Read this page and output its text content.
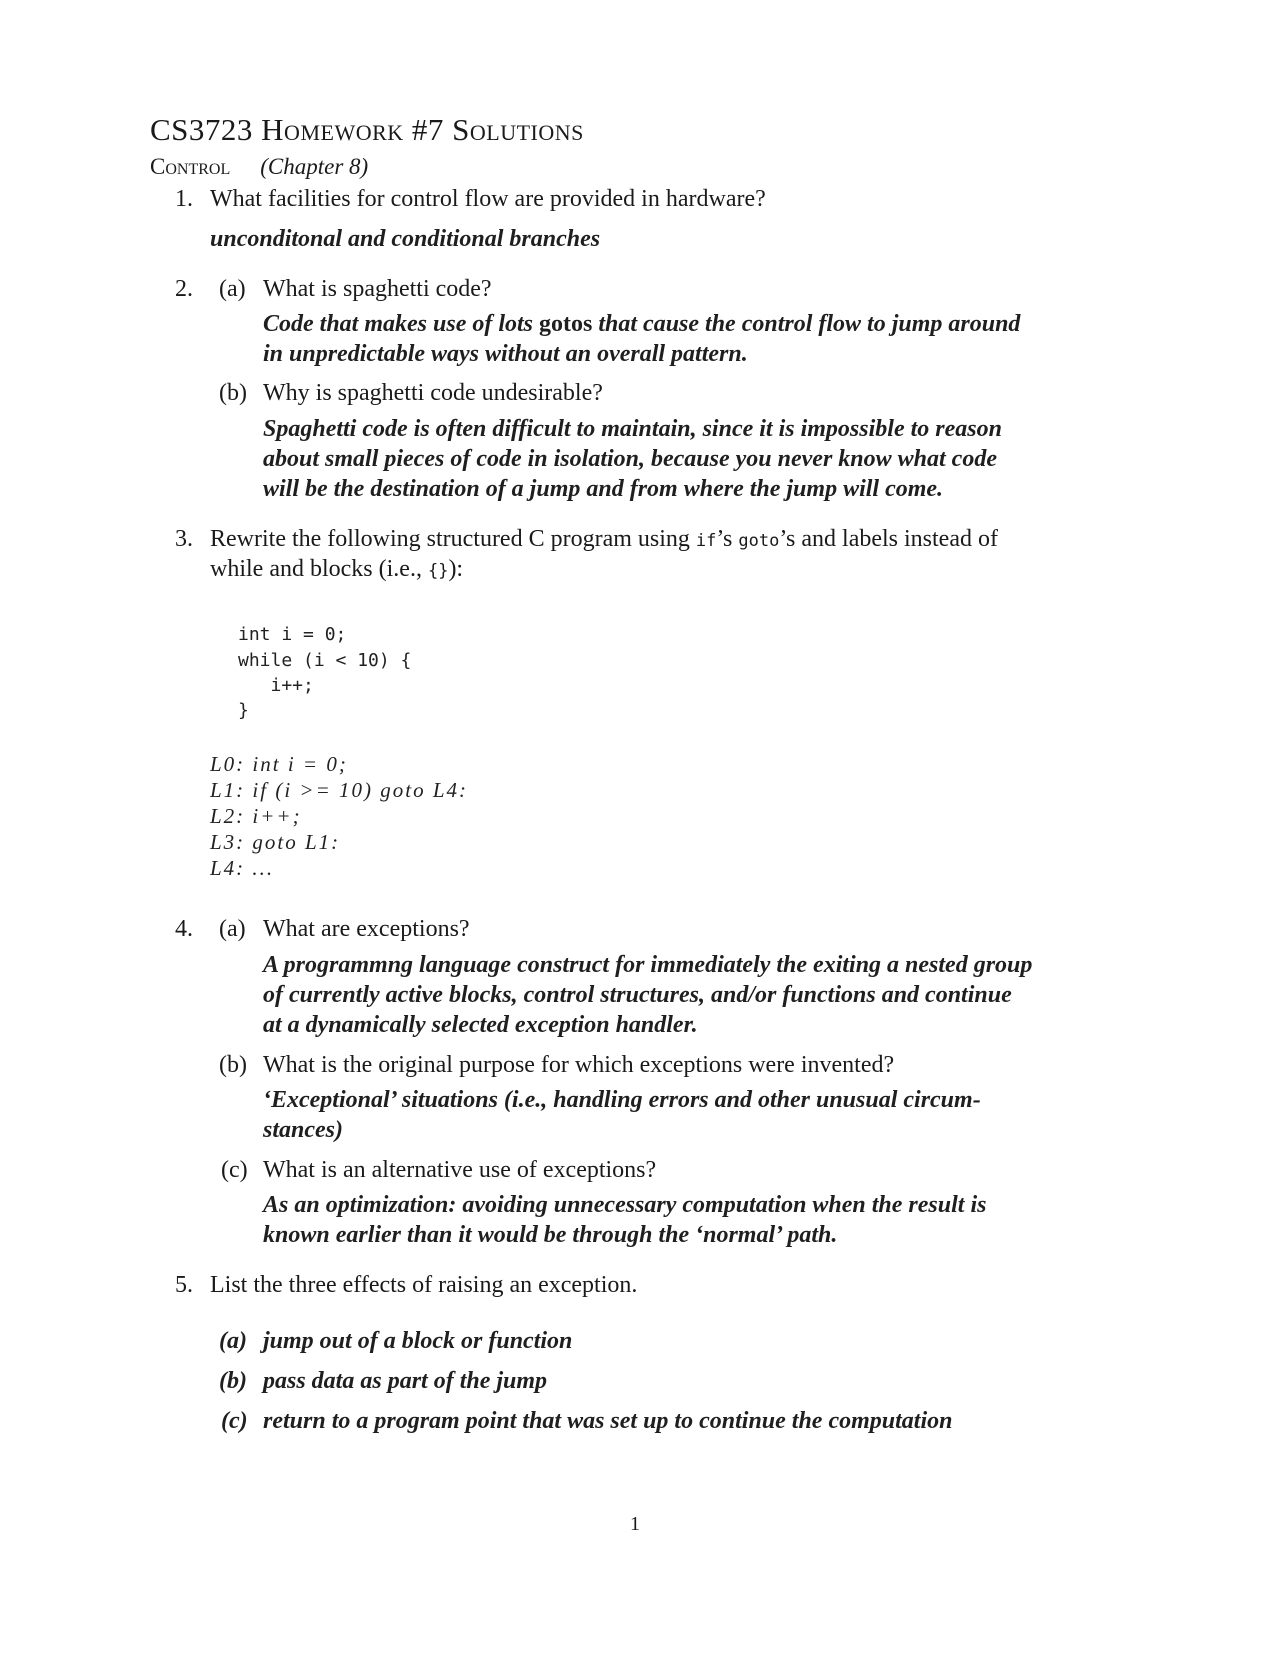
CS3723 Homework #7 Solutions
Control (Chapter 8)
1. What facilities for control flow are provided in hardware?
unconditonal and conditional branches
2. (a) What is spaghetti code?
Code that makes use of lots gotos that cause the control flow to jump around
in unpredictable ways without an overall pattern.
(b) Why is spaghetti code undesirable?
Spaghetti code is often difficult to maintain, since it is impossible to reason
about small pieces of code in isolation, because you never know what code
will be the destination of a jump and from where the jump will come.
3. Rewrite the following structured C program using if’s goto’s and labels instead of
while and blocks (i.e., {}):
int i = 0;
while (i < 10) {
i++;
}
L0: int i = 0;
L1: if (i >= 10) goto L4:
L2: i++;
L3: goto L1:
L4: ...
4. (a) What are exceptions?
A programmng language construct for immediately the exiting a nested group
of currently active blocks, control structures, and/or functions and continue
at a dynamically selected exception handler.
(b) What is the original purpose for which exceptions were invented?
‘Exceptional’ situations (i.e., handling errors and other unusual circum-
stances)
(c) What is an alternative use of exceptions?
As an optimization: avoiding unnecessary computation when the result is
known earlier than it would be through the ‘normal’ path.
5. List the three effects of raising an exception.
(a) jump out of a block or function
(b) pass data as part of the jump
(c) return to a program point that was set up to continue the computation
1
